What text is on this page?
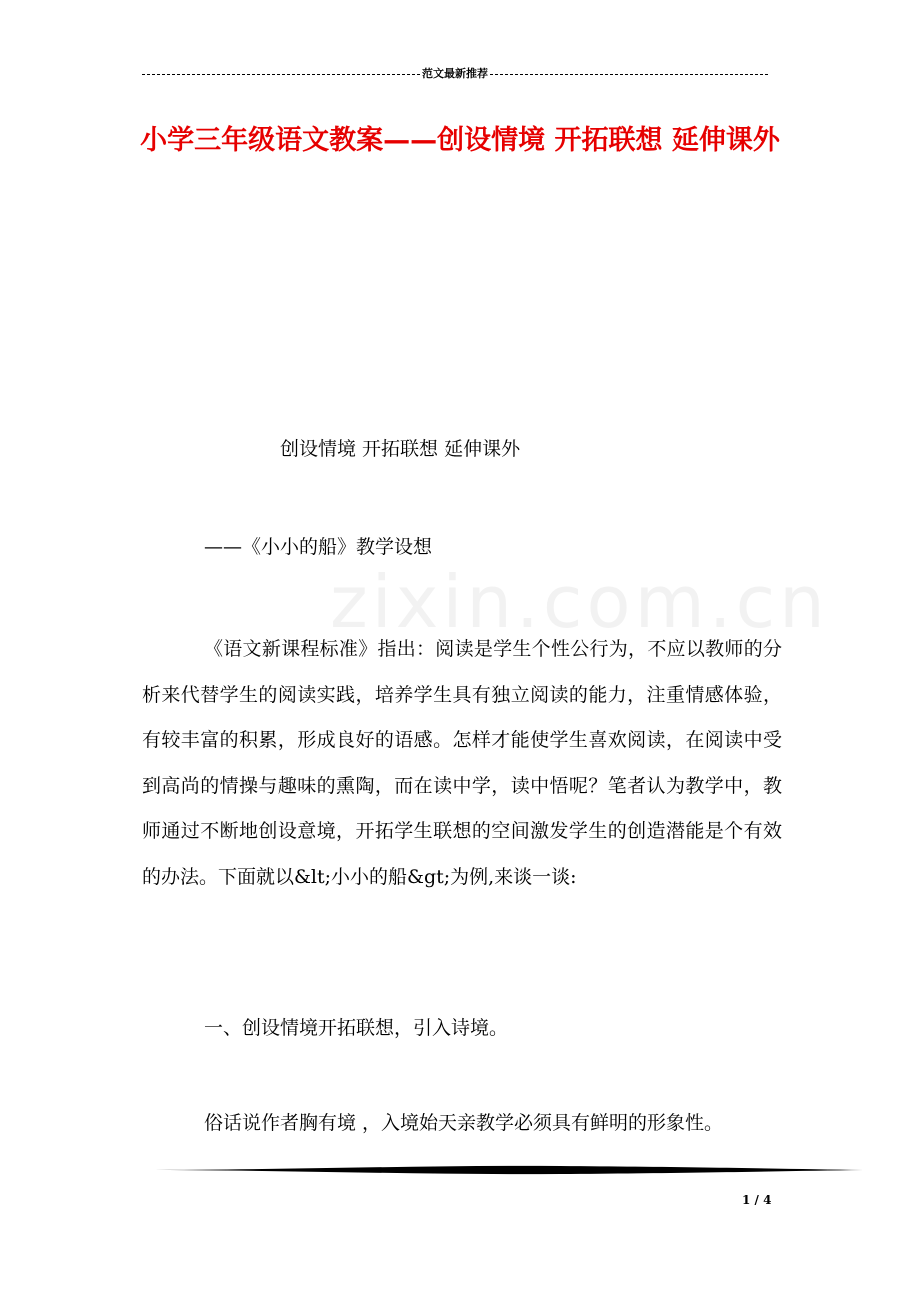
范文最新推荐
小学三年级语文教案——创设情境 开拓联想 延伸课外
zixin.com.cn
创设情境 开拓联想 延伸课外
——《小小的船》教学设想

《语文新课程标准》指出：阅读是学生个性公行为，不应以教师的分析来代替学生的阅读实践，培养学生具有独立阅读的能力，注重情感体验，有较丰富的积累，形成良好的语感。怎样才能使学生喜欢阅读，在阅读中受到高尚的情操与趣味的熏陶，而在读中学，读中悟呢？笔者认为教学中，教师通过不断地创设意境，开拓学生联想的空间激发学生的创造潜能是个有效的办法。下面就以&lt;小小的船&gt;为例,来谈一谈:

一、创设情境开拓联想，引入诗境。
俗话说作者胸有境 ，入境始天亲教学必须具有鲜明的形象性。
1 / 4
